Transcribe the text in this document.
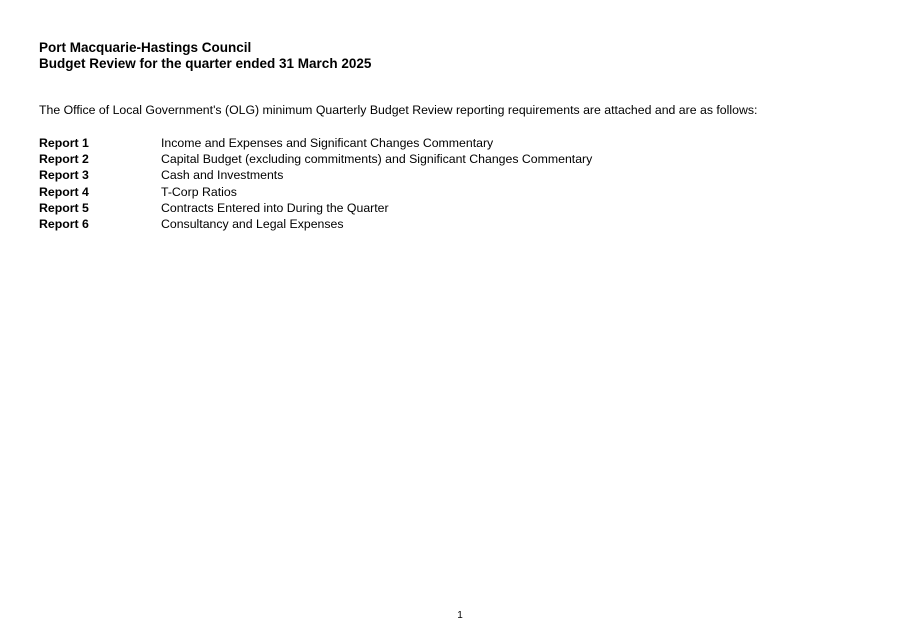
Port Macquarie-Hastings Council
Budget Review for the quarter ended 31 March 2025
The Office of Local Government's (OLG) minimum Quarterly Budget Review reporting requirements are attached and are as follows:
Report 1	Income and Expenses and Significant Changes Commentary
Report 2	Capital Budget (excluding commitments) and Significant Changes Commentary
Report 3	Cash and Investments
Report 4	T-Corp Ratios
Report 5	Contracts Entered into During the Quarter
Report 6	Consultancy and Legal Expenses
1
